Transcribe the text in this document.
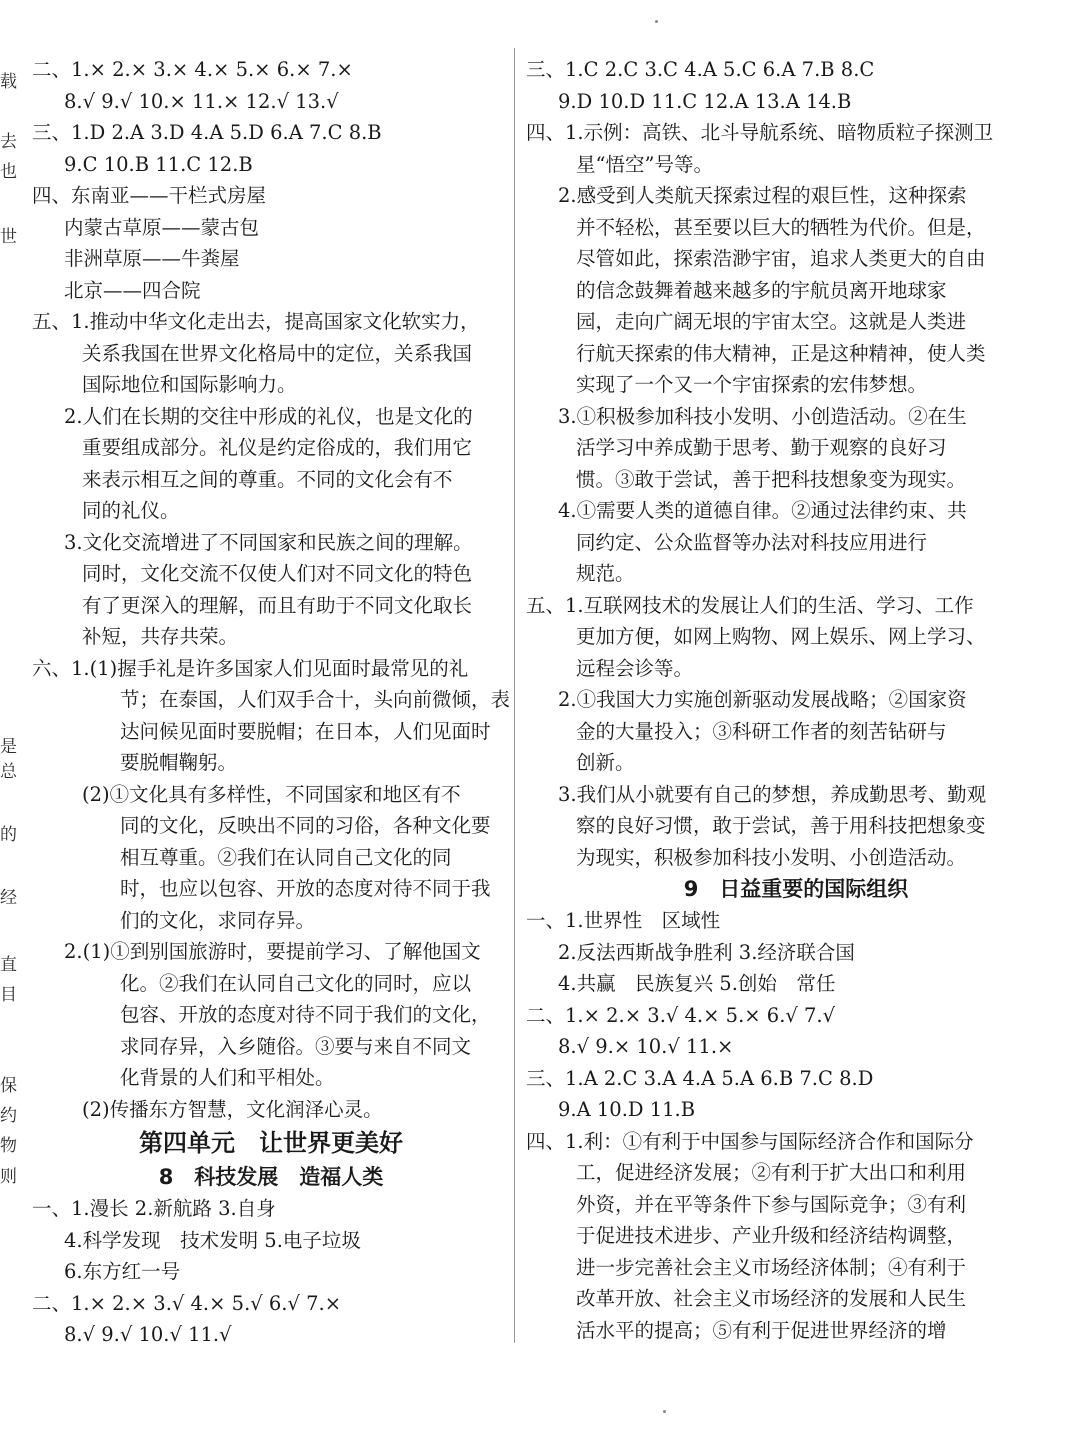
载
去
也
世
是
总
的
经
直
目
保
约
物
则
二、1.× 2.× 3.× 4.× 5.× 6.× 7.×
8.√ 9.√ 10.× 11.× 12.√ 13.√
三、1.D 2.A 3.D 4.A 5.D 6.A 7.C 8.B
9.C 10.B 11.C 12.B
四、东南亚——干栏式房屋
内蒙古草原——蒙古包
非洲草原——牛粪屋
北京——四合院
五、1.推动中华文化走出去，提高国家文化软实力，
关系我国在世界文化格局中的定位，关系我国
国际地位和国际影响力。
2.人们在长期的交往中形成的礼仪，也是文化的
重要组成部分。礼仪是约定俗成的，我们用它
来表示相互之间的尊重。不同的文化会有不
同的礼仪。
3.文化交流增进了不同国家和民族之间的理解。
同时，文化交流不仅使人们对不同文化的特色
有了更深入的理解，而且有助于不同文化取长
补短，共存共荣。
六、1.(1)握手礼是许多国家人们见面时最常见的礼
节；在泰国，人们双手合十，头向前微倾，表
达问候见面时要脱帽；在日本，人们见面时
要脱帽鞠躬。
(2)①文化具有多样性，不同国家和地区有不
同的文化，反映出不同的习俗，各种文化要
相互尊重。②我们在认同自己文化的同
时，也应以包容、开放的态度对待不同于我
们的文化，求同存异。
2.(1)①到别国旅游时，要提前学习、了解他国文
化。②我们在认同自己文化的同时，应以
包容、开放的态度对待不同于我们的文化，
求同存异，入乡随俗。③要与来自不同文
化背景的人们和平相处。
(2)传播东方智慧，文化润泽心灵。
第四单元　让世界更美好
8　科技发展　造福人类
一、1.漫长 2.新航路 3.自身
4.科学发现　技术发明 5.电子垃圾
6.东方红一号
二、1.× 2.× 3.√ 4.× 5.√ 6.√ 7.×
8.√ 9.√ 10.√ 11.√
三、1.C 2.C 3.C 4.A 5.C 6.A 7.B 8.C
9.D 10.D 11.C 12.A 13.A 14.B
四、1.示例：高铁、北斗导航系统、暗物质粒子探测卫
星“悟空”号等。
2.感受到人类航天探索过程的艰巨性，这种探索
并不轻松，甚至要以巨大的牺牲为代价。但是，
尽管如此，探索浩渺宇宙，追求人类更大的自由
的信念鼓舞着越来越多的宇航员离开地球家
园，走向广阔无垠的宇宙太空。这就是人类进
行航天探索的伟大精神，正是这种精神，使人类
实现了一个又一个宇宙探索的宏伟梦想。
3.①积极参加科技小发明、小创造活动。②在生
活学习中养成勤于思考、勤于观察的良好习
惯。③敢于尝试，善于把科技想象变为现实。
4.①需要人类的道德自律。②通过法律约束、共
同约定、公众监督等办法对科技应用进行
规范。
五、1.互联网技术的发展让人们的生活、学习、工作
更加方便，如网上购物、网上娱乐、网上学习、
远程会诊等。
2.①我国大力实施创新驱动发展战略；②国家资
金的大量投入；③科研工作者的刻苦钻研与
创新。
3.我们从小就要有自己的梦想，养成勤思考、勤观
察的良好习惯，敢于尝试，善于用科技把想象变
为现实，积极参加科技小发明、小创造活动。
9　日益重要的国际组织
一、1.世界性　区域性
2.反法西斯战争胜利 3.经济联合国
4.共赢　民族复兴 5.创始　常任
二、1.× 2.× 3.√ 4.× 5.× 6.√ 7.√
8.√ 9.× 10.√ 11.×
三、1.A 2.C 3.A 4.A 5.A 6.B 7.C 8.D
9.A 10.D 11.B
四、1.利：①有利于中国参与国际经济合作和国际分
工，促进经济发展；②有利于扩大出口和利用
外资，并在平等条件下参与国际竞争；③有利
于促进技术进步、产业升级和经济结构调整，
进一步完善社会主义市场经济体制；④有利于
改革开放、社会主义市场经济的发展和人民生
活水平的提高；⑤有利于促进世界经济的增
